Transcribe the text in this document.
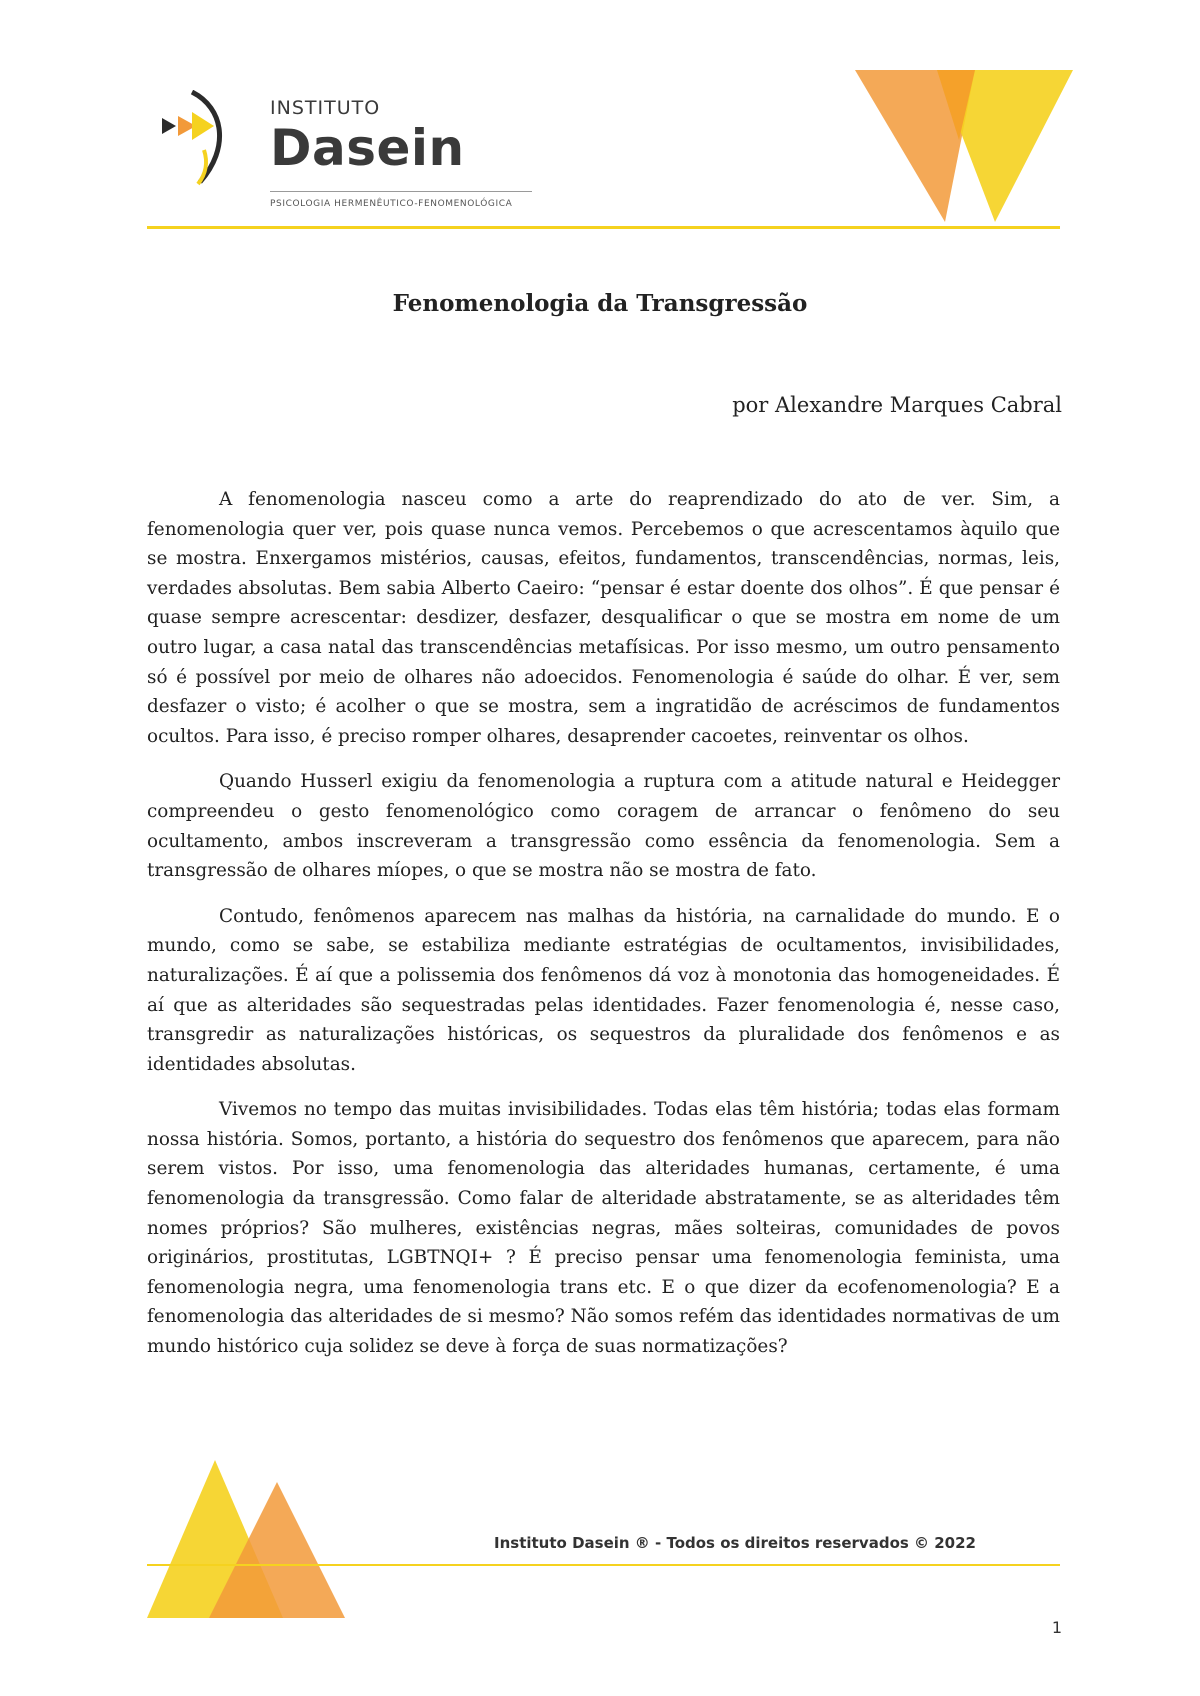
INSTITUTO
Dasein
PSICOLOGIA HERMENÊUTICO-FENOMENOLÓGICA
Fenomenologia da Transgressão
por Alexandre Marques Cabral

A fenomenologia nasceu como a arte do reaprendizado do ato de ver. Sim, a fenomenologia quer ver, pois quase nunca vemos. Percebemos o que acrescentamos àquilo que se mostra. Enxergamos mistérios, causas, efeitos, fundamentos, transcendências, normas, leis, verdades absolutas. Bem sabia Alberto Caeiro: “pensar é estar doente dos olhos”. É que pensar é quase sempre acrescentar: desdizer, desfazer, desqualificar o que se mostra em nome de um outro lugar, a casa natal das transcendências metafísicas. Por isso mesmo, um outro pensamento só é possível por meio de olhares não adoecidos. Fenomenologia é saúde do olhar. É ver, sem desfazer o visto; é acolher o que se mostra, sem a ingratidão de acréscimos de fundamentos ocultos. Para isso, é preciso romper olhares, desaprender cacoetes, reinventar os olhos.

Quando Husserl exigiu da fenomenologia a ruptura com a atitude natural e Heidegger compreendeu o gesto fenomenológico como coragem de arrancar o fenômeno do seu ocultamento, ambos inscreveram a transgressão como essência da fenomenologia. Sem a transgressão de olhares míopes, o que se mostra não se mostra de fato.

Contudo, fenômenos aparecem nas malhas da história, na carnalidade do mundo. E o mundo, como se sabe, se estabiliza mediante estratégias de ocultamentos, invisibilidades, naturalizações. É aí que a polissemia dos fenômenos dá voz à monotonia das homogeneidades. É aí que as alteridades são sequestradas pelas identidades. Fazer fenomenologia é, nesse caso, transgredir as naturalizações históricas, os sequestros da pluralidade dos fenômenos e as identidades absolutas.

Vivemos no tempo das muitas invisibilidades. Todas elas têm história; todas elas formam nossa história. Somos, portanto, a história do sequestro dos fenômenos que aparecem, para não serem vistos. Por isso, uma fenomenologia das alteridades humanas, certamente, é uma fenomenologia da transgressão. Como falar de alteridade abstratamente, se as alteridades têm nomes próprios? São mulheres, existências negras, mães solteiras, comunidades de povos originários, prostitutas, LGBTNQI+ ? É preciso pensar uma fenomenologia feminista, uma fenomenologia negra, uma fenomenologia trans etc. E o que dizer da ecofenomenologia? E a fenomenologia das alteridades de si mesmo? Não somos refém das identidades normativas de um mundo histórico cuja solidez se deve à força de suas normatizações?

Instituto Dasein ® - Todos os direitos reservados © 2022
1
